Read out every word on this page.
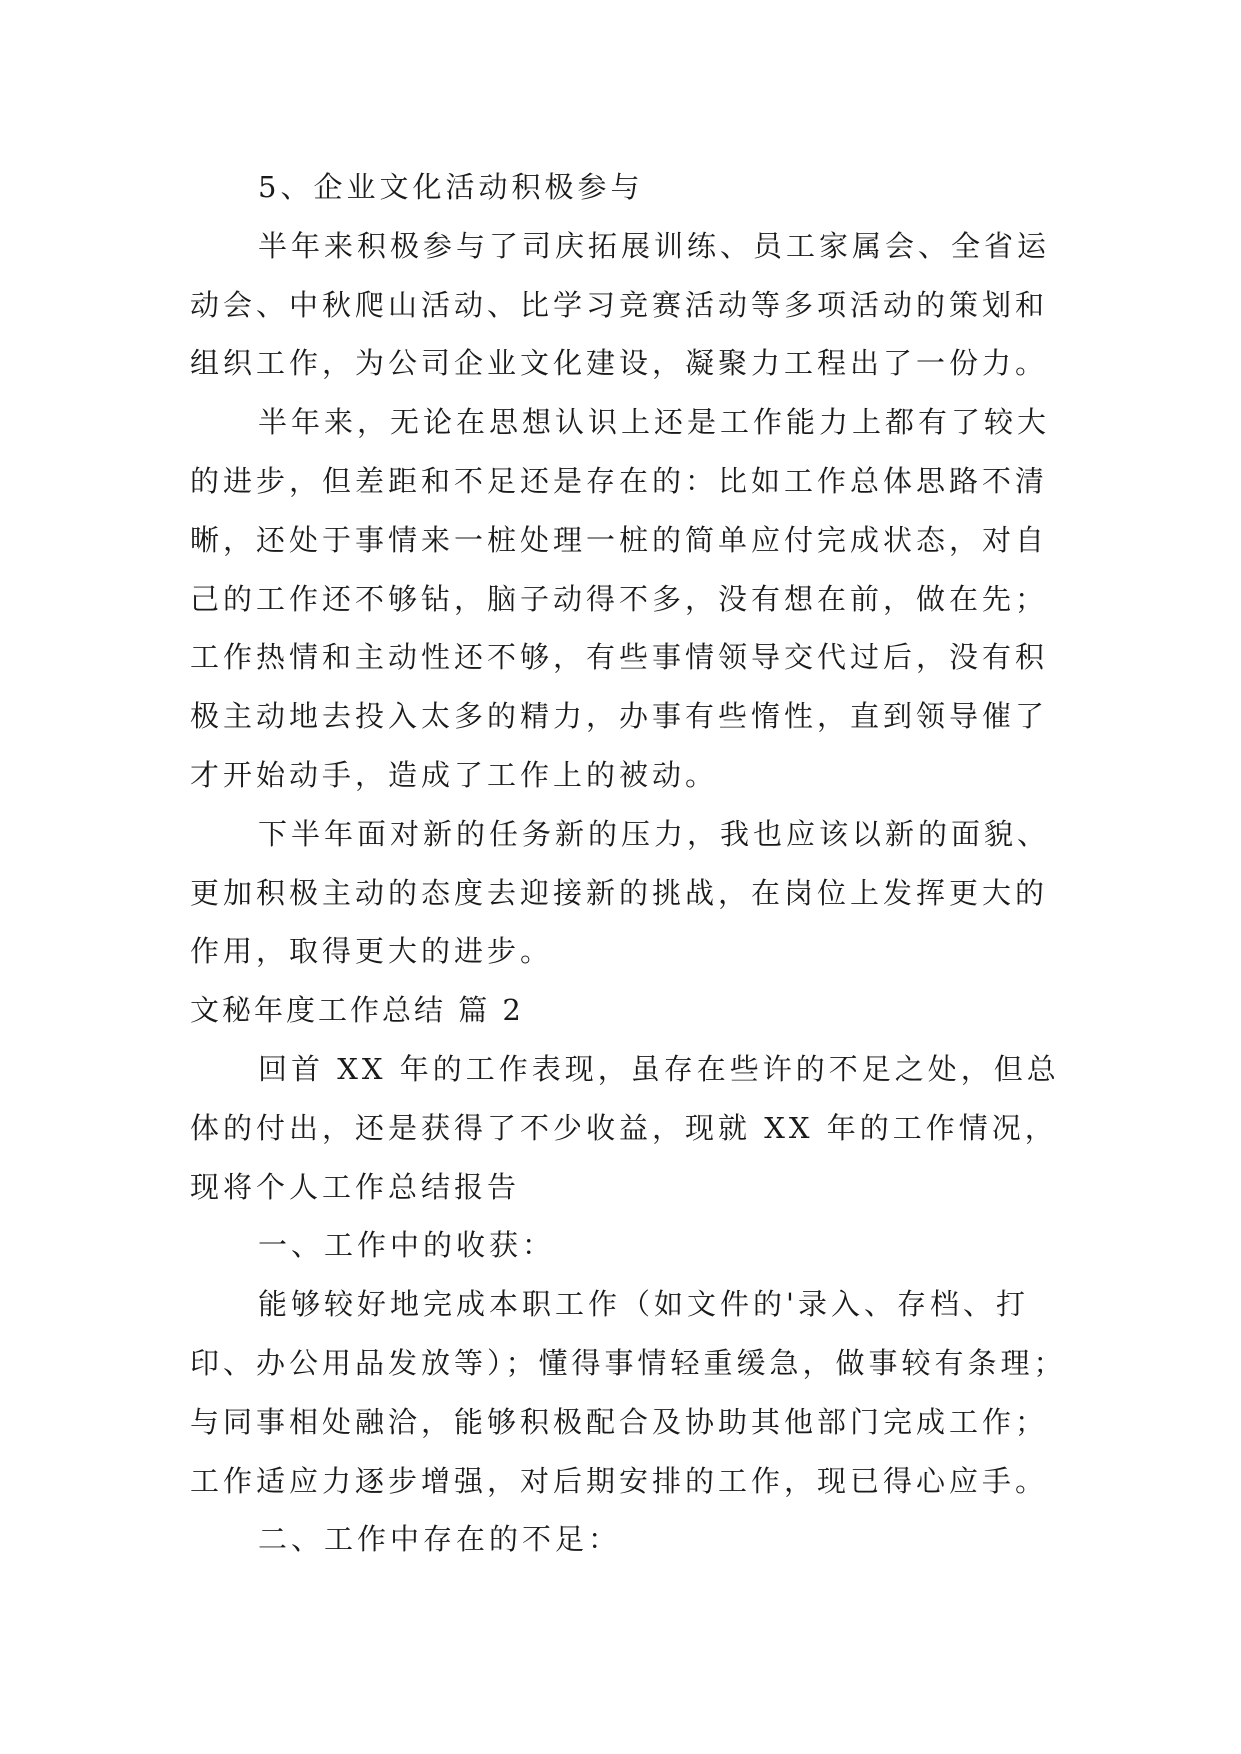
5、企业文化活动积极参与

半年来积极参与了司庆拓展训练、员工家属会、全省运
动会、中秋爬山活动、比学习竞赛活动等多项活动的策划和
组织工作，为公司企业文化建设，凝聚力工程出了一份力。

半年来，无论在思想认识上还是工作能力上都有了较大
的进步，但差距和不足还是存在的：比如工作总体思路不清
晰，还处于事情来一桩处理一桩的简单应付完成状态，对自
己的工作还不够钻，脑子动得不多，没有想在前，做在先；
工作热情和主动性还不够，有些事情领导交代过后，没有积
极主动地去投入太多的精力，办事有些惰性，直到领导催了
才开始动手，造成了工作上的被动。

下半年面对新的任务新的压力，我也应该以新的面貌、
更加积极主动的态度去迎接新的挑战，在岗位上发挥更大的
作用，取得更大的进步。

文秘年度工作总结 篇 2

回首 XX 年的工作表现，虽存在些许的不足之处，但总
体的付出，还是获得了不少收益，现就 XX 年的工作情况，
现将个人工作总结报告

一、工作中的收获：

能够较好地完成本职工作（如文件的'录入、存档、打
印、办公用品发放等）；懂得事情轻重缓急，做事较有条理；
与同事相处融洽，能够积极配合及协助其他部门完成工作；
工作适应力逐步增强，对后期安排的工作，现已得心应手。

二、工作中存在的不足：
